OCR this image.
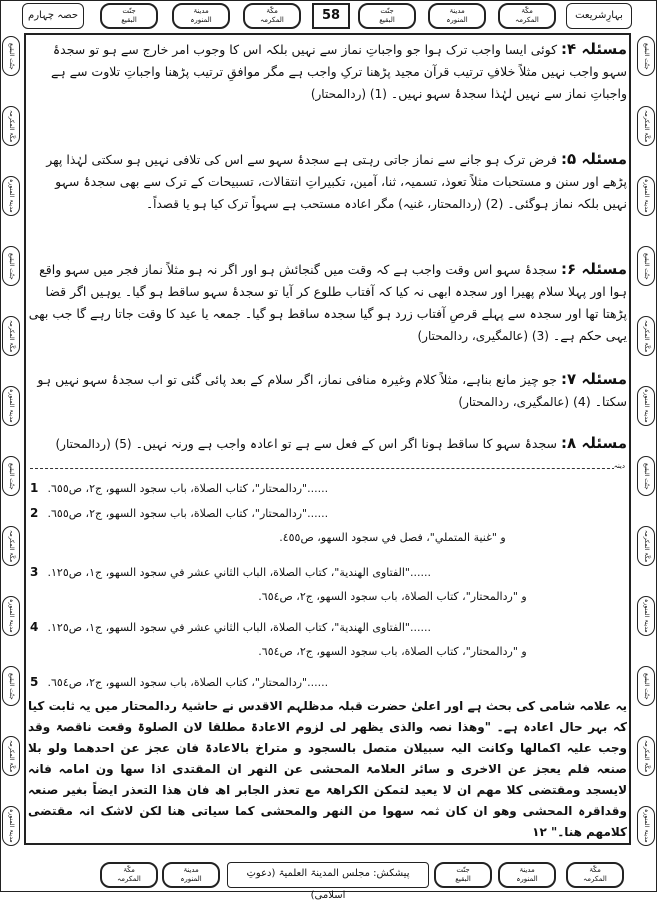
حصہ چہارم	جنّت
البقیع
مدینۃ
المنورہ
مکّۃ
المکرمہ	58	جنّت
البقیع
مدینۃ
المنورہ
مکّۃ
المکرمہ	بہارِشریعت
جنّت البقیع
مکّۃ المکرمہ
مدینۃ المنورہ
جنّت البقیع
مکّۃ المکرمہ
مدینۃ المنورہ
جنّت البقیع
مکّۃ المکرمہ
مدینۃ المنورہ
جنّت البقیع
مکّۃ المکرمہ
مدینۃ المنورہ
جنّت البقیع
مکّۃ المکرمہ
مدینۃ المنورہ
جنّت البقیع
مکّۃ المکرمہ
مدینۃ المنورہ
جنّت البقیع
مکّۃ المکرمہ
مدینۃ المنورہ
جنّت البقیع
مکّۃ المکرمہ
مدینۃ المنورہ
مسئلہ ۴: کوئی ایسا واجب ترک ہوا جو واجباتِ نماز سے نہیں بلکہ اس کا وجوب امر خارج سے ہو تو سجدۂ سہو واجب نہیں مثلاً خلافِ ترتیب قرآن مجید پڑھنا ترکِ واجب ہے مگر موافقِ ترتیب پڑھنا واجباتِ تلاوت سے ہے واجباتِ نماز سے نہیں لہٰذا سجدۂ سہو نہیں۔ (1) (ردالمحتار)
مسئلہ ۵: فرض ترک ہو جانے سے نماز جاتی رہتی ہے سجدۂ سہو سے اس کی تلافی نہیں ہو سکتی لہٰذا پھر پڑھے اور سنن و مستحبات مثلاً تعوذ، تسمیہ، ثنا، آمین، تکبیراتِ انتقالات، تسبیحات کے ترک سے بھی سجدۂ سہو نہیں بلکہ نماز ہوگئی۔ (2) (ردالمحتار، غنیہ) مگر اعادہ مستحب ہے سہواً ترک کیا ہو یا قصداً۔
مسئلہ ۶: سجدۂ سہو اس وقت واجب ہے کہ وقت میں گنجائش ہو اور اگر نہ ہو مثلاً نماز فجر میں سہو واقع ہوا اور پہلا سلام پھیرا اور سجدہ ابھی نہ کیا کہ آفتاب طلوع کر آیا تو سجدۂ سہو ساقط ہو گیا۔ یوہیں اگر قضا پڑھتا تھا اور سجدہ سے پہلے قرصِ آفتاب زرد ہو گیا سجدہ ساقط ہو گیا۔ جمعہ یا عید کا وقت جاتا رہے گا جب بھی یہی حکم ہے۔ (3) (عالمگیری، ردالمحتار)
مسئلہ ۷: جو چیز مانع بناہے، مثلاً کلام وغیرہ منافی نماز، اگر سلام کے بعد پائی گئی تو اب سجدۂ سہو نہیں ہو سکتا۔ (4) (عالمگیری، ردالمحتار)
مسئلہ ۸: سجدۂ سہو کا ساقط ہونا اگر اس کے فعل سے ہے تو اعادہ واجب ہے ورنہ نہیں۔ (5) (ردالمحتار)
دینہ
1 ......"ردالمحتار"، كتاب الصلاة، باب سجود السهو، ج٢، ص٦٥٥.
2 ......"ردالمحتار"، كتاب الصلاة، باب سجود السهو، ج٢، ص٦٥٥.
و "غنية المتملي"، فصل في سجود السهو، ص٤٥٥.
3 ......"الفتاوى الهندية"، كتاب الصلاة، الباب الثاني عشر في سجود السهو، ج١، ص١٢٥.
و "ردالمحتار"، كتاب الصلاة، باب سجود السهو، ج٢، ص٦٥٤.
4 ......"الفتاوى الهندية"، كتاب الصلاة، الباب الثاني عشر في سجود السهو، ج١، ص١٢٥.
و "ردالمحتار"، كتاب الصلاة، باب سجود السهو، ج٢، ص٦٥٤.
5 ......"ردالمحتار"، كتاب الصلاة، باب سجود السهو، ج٢، ص٦٥٤.
یہ علامہ شامی کی بحث ہے اور اعلیٰ حضرت قبلہ مدظلہم الاقدس نے حاشیۂ ردالمحتار میں یہ ثابت کیا کہ بہر حال اعادہ ہے۔ "وھذا نصہ والذی یظھر لی لزوم الاعادۃ مطلقا لان الصلوۃ وقعت ناقصۃ وقد وجب علیہ اکمالھا وکانت الیہ سبیلان متصل بالسجود و متراخ بالاعادۃ فان عجز عن احدھما ولو بلا صنعہ فلم یعجز عن الاخری و سائر العلامۃ المحشی عن النھر ان المقتدی اذا سھا ون امامہ فانہ لایسجد ومقتضی کلا مھم ان لا یعید لتمکن الکراھۃ مع تعذر الجابر اھ فان ھذا التعذر ایضاً بغیر صنعہ وقداقرہ المحشی وھو ان کان ثمہ سھوا من النھر والمحشی کما سیاتی ھنا لکن لاشک انہ مقتضی کلامھم ھنا۔" ۱۲
مکّۃ
المکرمہ
مدینۃ
المنورہ	پیشکش: مجلس المدینۃ العلمیۃ (دعوتِ اسلامی)
جنّت
البقیع
مدینۃ
المنورہ
مکّۃ
المکرمہ
